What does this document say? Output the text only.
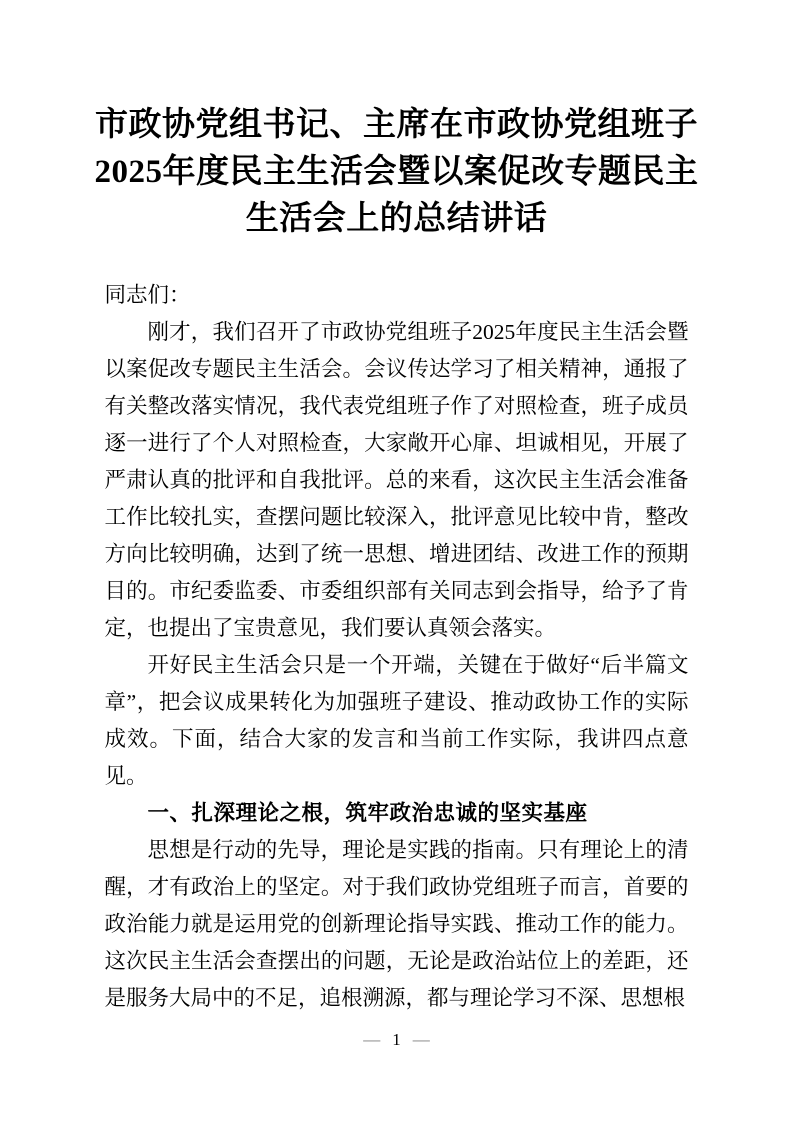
市政协党组书记、主席在市政协党组班子
2025年度民主生活会暨以案促改专题民主
生活会上的总结讲话

同志们：

刚才，我们召开了市政协党组班子2025年度民主生活会暨以案促改专题民主生活会。会议传达学习了相关精神，通报了有关整改落实情况，我代表党组班子作了对照检查，班子成员逐一进行了个人对照检查，大家敞开心扉、坦诚相见，开展了严肃认真的批评和自我批评。总的来看，这次民主生活会准备工作比较扎实，查摆问题比较深入，批评意见比较中肯，整改方向比较明确，达到了统一思想、增进团结、改进工作的预期目的。市纪委监委、市委组织部有关同志到会指导，给予了肯定，也提出了宝贵意见，我们要认真领会落实。

开好民主生活会只是一个开端，关键在于做好“后半篇文章”，把会议成果转化为加强班子建设、推动政协工作的实际成效。下面，结合大家的发言和当前工作实际，我讲四点意见。

一、扎深理论之根，筑牢政治忠诚的坚实基座

思想是行动的先导，理论是实践的指南。只有理论上的清醒，才有政治上的坚定。对于我们政协党组班子而言，首要的政治能力就是运用党的创新理论指导实践、推动工作的能力。这次民主生活会查摆出的问题，无论是政治站位上的差距，还是服务大局中的不足，追根溯源，都与理论学习不深、思想根

— 1 —
